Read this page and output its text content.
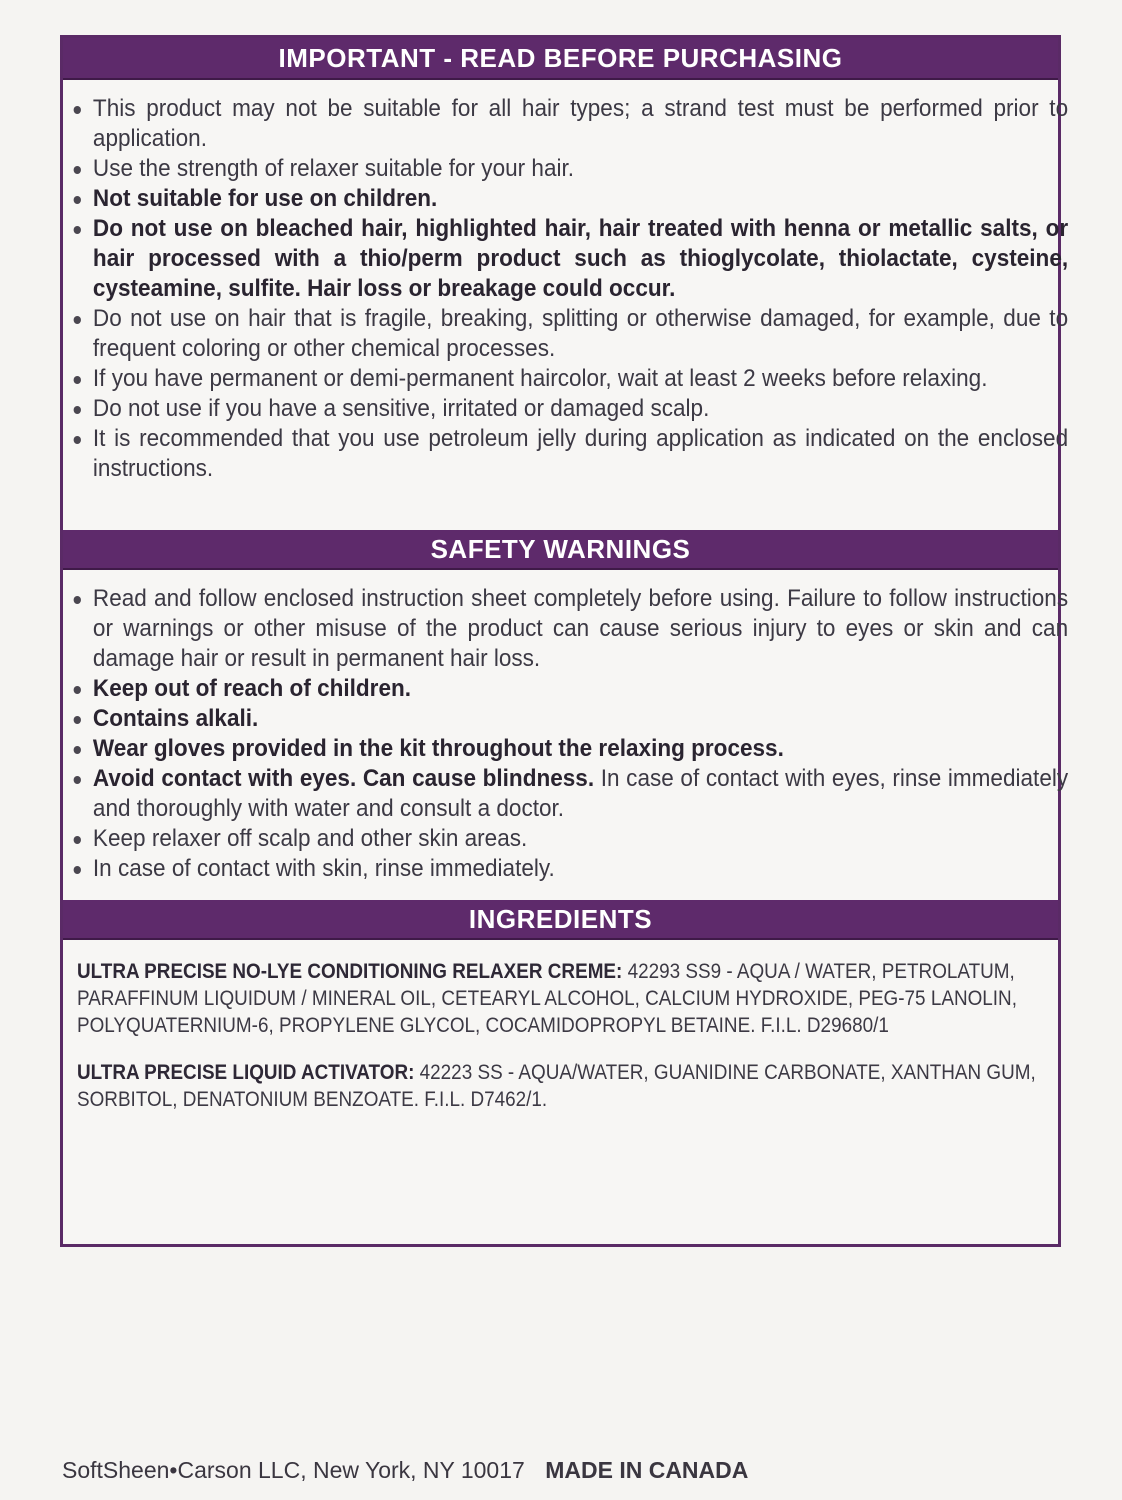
IMPORTANT - READ BEFORE PURCHASING
This product may not be suitable for all hair types; a strand test must be performed prior to application.
Use the strength of relaxer suitable for your hair.
Not suitable for use on children.
Do not use on bleached hair, highlighted hair, hair treated with henna or metallic salts, or hair processed with a thio/perm product such as thioglycolate, thiolactate, cysteine, cysteamine, sulfite. Hair loss or breakage could occur.
Do not use on hair that is fragile, breaking, splitting or otherwise damaged, for example, due to frequent coloring or other chemical processes.
If you have permanent or demi-permanent haircolor, wait at least 2 weeks before relaxing.
Do not use if you have a sensitive, irritated or damaged scalp.
It is recommended that you use petroleum jelly during application as indicated on the enclosed instructions.
SAFETY WARNINGS
Read and follow enclosed instruction sheet completely before using. Failure to follow instructions or warnings or other misuse of the product can cause serious injury to eyes or skin and can damage hair or result in permanent hair loss.
Keep out of reach of children.
Contains alkali.
Wear gloves provided in the kit throughout the relaxing process.
Avoid contact with eyes. Can cause blindness. In case of contact with eyes, rinse immediately and thoroughly with water and consult a doctor.
Keep relaxer off scalp and other skin areas.
In case of contact with skin, rinse immediately.
INGREDIENTS

ULTRA PRECISE NO-LYE CONDITIONING RELAXER CREME: 42293 SS9 - AQUA / WATER, PETROLATUM, PARAFFINUM LIQUIDUM / MINERAL OIL, CETEARYL ALCOHOL, CALCIUM HYDROXIDE, PEG-75 LANOLIN, POLYQUATERNIUM-6, PROPYLENE GLYCOL, COCAMIDOPROPYL BETAINE. F.I.L. D29680/1

ULTRA PRECISE LIQUID ACTIVATOR: 42223 SS - AQUA/WATER, GUANIDINE CARBONATE, XANTHAN GUM, SORBITOL, DENATONIUM BENZOATE. F.I.L. D7462/1.

SoftSheen•Carson LLC, New York, NY 10017 MADE IN CANADA
